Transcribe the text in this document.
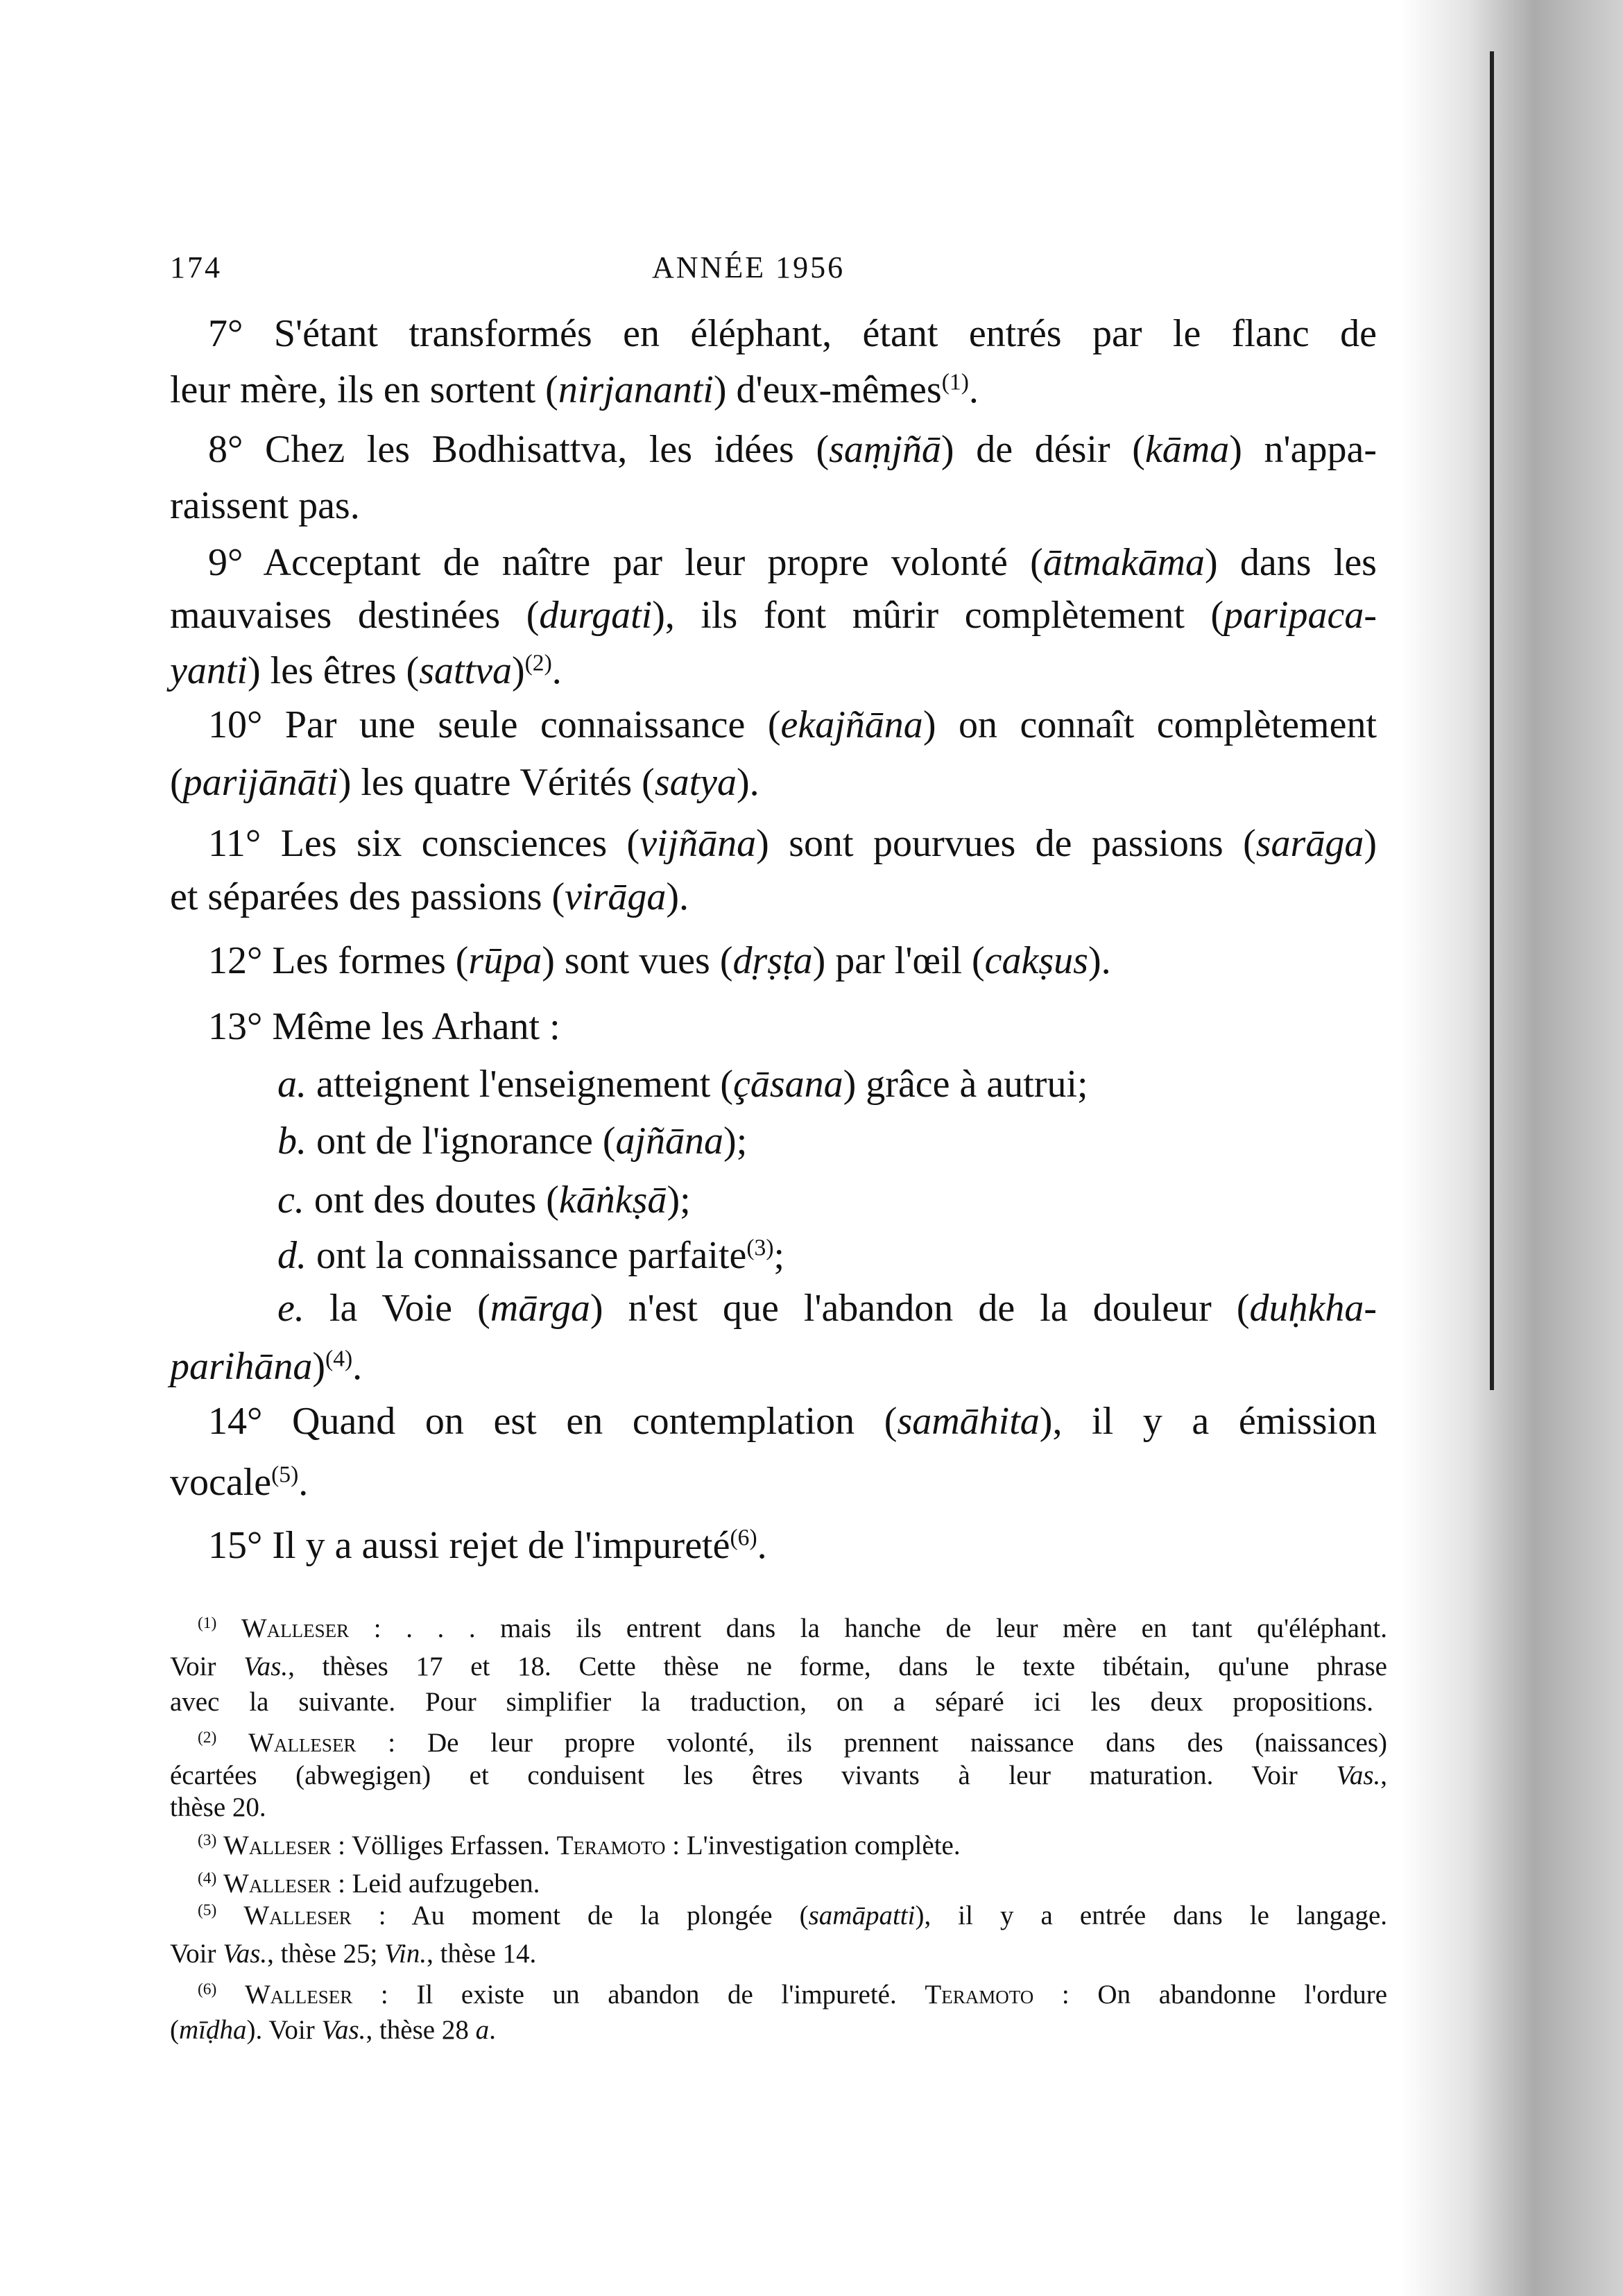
174	ANNÉE 1956
7° S'étant transformés en éléphant, étant entrés par le flanc de
leur mère, ils en sortent (nirjananti) d'eux-mêmes$^{(1)}$.
8° Chez les Bodhisattva, les idées (saṃjñā) de désir (kāma) n'appa-
raissent pas.
9° Acceptant de naître par leur propre volonté (ātmakāma) dans les
mauvaises destinées (durgati), ils font mûrir complètement (paripaca-
yanti) les êtres (sattva)$^{(2)}$.
10° Par une seule connaissance (ekajñāna) on connaît complètement
(parijānāti) les quatre Vérités (satya).
11° Les six consciences (vijñāna) sont pourvues de passions (sarāga)
et séparées des passions (virāga).
12° Les formes (rūpa) sont vues (dṛṣṭa) par l'œil (cakṣus).
13° Même les Arhant :
a. atteignent l'enseignement (çāsana) grâce à autrui;
b. ont de l'ignorance (ajñāna);
c. ont des doutes (kāṅkṣā);
d. ont la connaissance parfaite$^{(3)}$;
e. la Voie (mārga) n'est que l'abandon de la douleur (duḥkha-
parihāna)$^{(4)}$.
14° Quand on est en contemplation (samāhita), il y a émission
vocale$^{(5)}$.
15° Il y a aussi rejet de l'impureté$^{(6)}$.
$^{(1)}$ Walleser : . . . mais ils entrent dans la hanche de leur mère en tant qu'éléphant.
Voir Vas., thèses 17 et 18. Cette thèse ne forme, dans le texte tibétain, qu'une phrase
avec la suivante. Pour simplifier la traduction, on a séparé ici les deux propositions.
$^{(2)}$ Walleser : De leur propre volonté, ils prennent naissance dans des (naissances)
écartées (abwegigen) et conduisent les êtres vivants à leur maturation. Voir Vas.,
thèse 20.
$^{(3)}$ Walleser : Völliges Erfassen. Teramoto : L'investigation complète.
$^{(4)}$ Walleser : Leid aufzugeben.
$^{(5)}$ Walleser : Au moment de la plongée (samāpatti), il y a entrée dans le langage.
Voir Vas., thèse 25; Vin., thèse 14.
$^{(6)}$ Walleser : Il existe un abandon de l'impureté. Teramoto : On abandonne l'ordure
(mīḍha). Voir Vas., thèse 28 a.
